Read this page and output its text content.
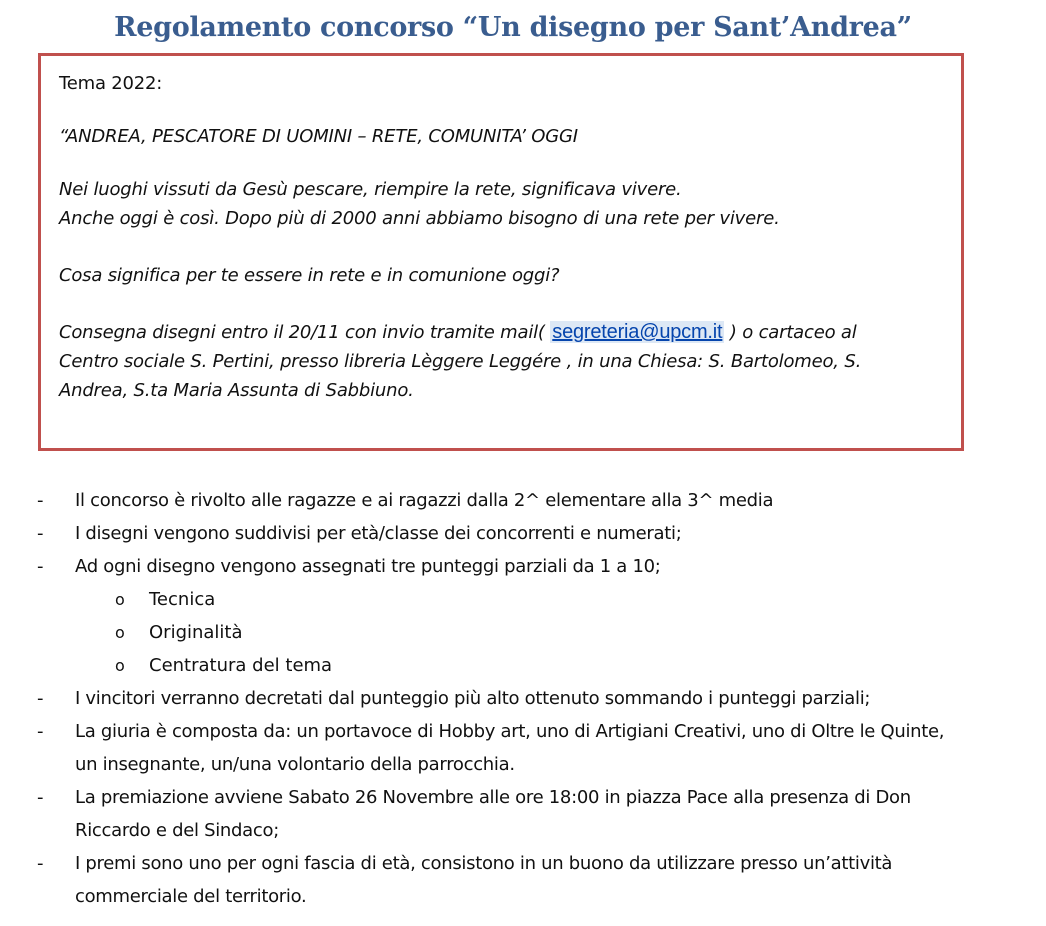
Regolamento concorso “Un disegno per Sant’Andrea”
Tema 2022:
“ANDREA, PESCATORE DI UOMINI – RETE, COMUNITA’ OGGI
Nei luoghi vissuti da Gesù pescare, riempire la rete, significava vivere.
Anche oggi è così. Dopo più di 2000 anni abbiamo bisogno di una rete per vivere.
Cosa significa per te essere in rete e in comunione oggi?
Consegna disegni entro il 20/11 con invio tramite mail( segreteria@upcm.it ) o cartaceo al
Centro sociale S. Pertini, presso libreria Lèggere Leggére , in una Chiesa: S. Bartolomeo, S.
Andrea, S.ta Maria Assunta di Sabbiuno.
- Il concorso è rivolto alle ragazze e ai ragazzi dalla 2^ elementare alla 3^ media
- I disegni vengono suddivisi per età/classe dei concorrenti e numerati;
- Ad ogni disegno vengono assegnati tre punteggi parziali da 1 a 10;
o Tecnica
o Originalità
o Centratura del tema
- I vincitori verranno decretati dal punteggio più alto ottenuto sommando i punteggi parziali;
- La giuria è composta da: un portavoce di Hobby art, uno di Artigiani Creativi, uno di Oltre le Quinte,
un insegnante, un/una volontario della parrocchia.
- La premiazione avviene Sabato 26 Novembre alle ore 18:00 in piazza Pace alla presenza di Don
Riccardo e del Sindaco;
- I premi sono uno per ogni fascia di età, consistono in un buono da utilizzare presso un’attività
commerciale del territorio.
